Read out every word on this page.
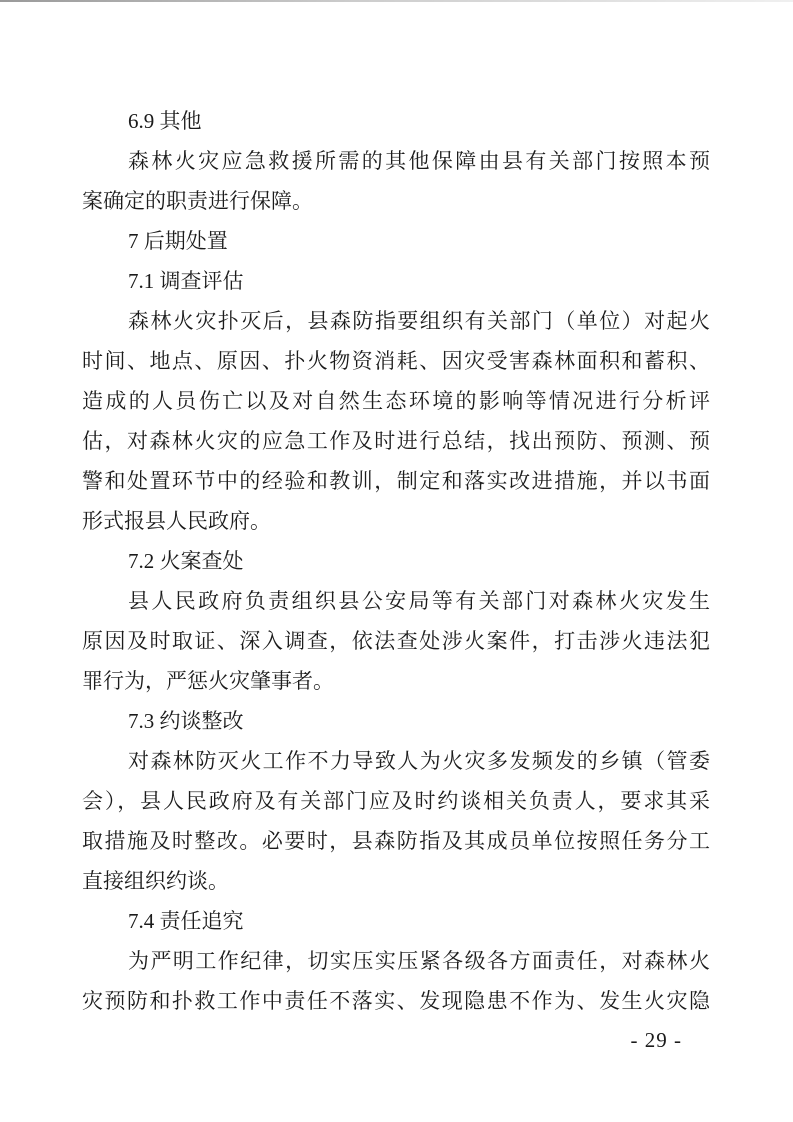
6.9 其他
森林火灾应急救援所需的其他保障由县有关部门按照本预
案确定的职责进行保障。
7 后期处置
7.1 调查评估
森林火灾扑灭后，县森防指要组织有关部门（单位）对起火
时间、地点、原因、扑火物资消耗、因灾受害森林面积和蓄积、
造成的人员伤亡以及对自然生态环境的影响等情况进行分析评
估，对森林火灾的应急工作及时进行总结，找出预防、预测、预
警和处置环节中的经验和教训，制定和落实改进措施，并以书面
形式报县人民政府。
7.2 火案查处
县人民政府负责组织县公安局等有关部门对森林火灾发生
原因及时取证、深入调查，依法查处涉火案件，打击涉火违法犯
罪行为，严惩火灾肇事者。
7.3 约谈整改
对森林防灭火工作不力导致人为火灾多发频发的乡镇（管委
会），县人民政府及有关部门应及时约谈相关负责人，要求其采
取措施及时整改。必要时，县森防指及其成员单位按照任务分工
直接组织约谈。
7.4 责任追究
为严明工作纪律，切实压实压紧各级各方面责任，对森林火
灾预防和扑救工作中责任不落实、发现隐患不作为、发生火灾隐
- 29 -
